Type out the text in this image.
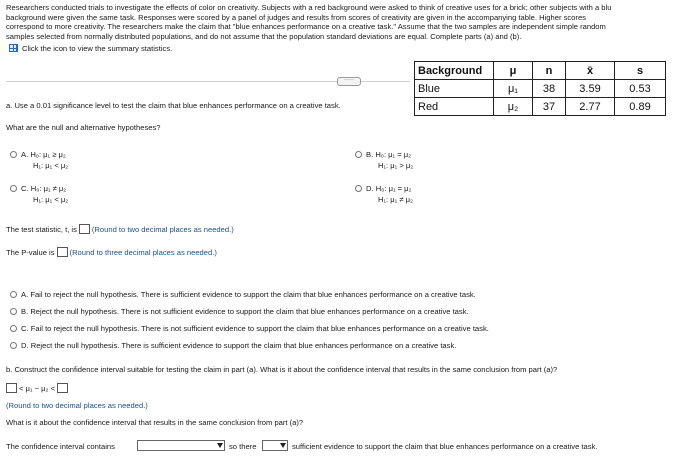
Researchers conducted trials to investigate the effects of color on creativity. Subjects with a red background were asked to think of creative uses for a brick; other subjects with a blu
background were given the same task. Responses were scored by a panel of judges and results from scores of creativity are given in the accompanying table. Higher scores
correspond to more creativity. The researchers make the claim that "blue enhances performance on a creative task." Assume that the two samples are independent simple random
samples selected from normally distributed populations, and do not assume that the population standard deviations are equal. Complete parts (a) and (b).
Click the icon to view the summary statistics.
Background	μ	n	x̄	s
Blue	μ₁	38	3.59	0.53
Red	μ₂	37	2.77	0.89
·····
a. Use a 0.01 significance level to test the claim that blue enhances performance on a creative task.
What are the null and alternative hypotheses?
A. H₀: μ₁ ≥ μ₂
H₁: μ₁ < μ₂
B. H₀: μ₁ = μ₂
H₁: μ₁ > μ₂
C. H₀: μ₁ ≠ μ₂
H₁: μ₁ < μ₂
D. H₀: μ₁ = μ₂
H₁: μ₁ ≠ μ₂
The test statistic, t, is (Round to two decimal places as needed.)
The P-value is (Round to three decimal places as needed.)
A. Fail to reject the null hypothesis. There is sufficient evidence to support the claim that blue enhances performance on a creative task.
B. Reject the null hypothesis. There is not sufficient evidence to support the claim that blue enhances performance on a creative task.
C. Fail to reject the null hypothesis. There is not sufficient evidence to support the claim that blue enhances performance on a creative task.
D. Reject the null hypothesis. There is sufficient evidence to support the claim that blue enhances performance on a creative task.
b. Construct the confidence interval suitable for testing the claim in part (a). What is it about the confidence interval that results in the same conclusion from part (a)?
< μ₁ − μ₂ <
(Round to two decimal places as needed.)
What is it about the confidence interval that results in the same conclusion from part (a)?
The confidence interval contains	so there	sufficient evidence to support the claim that blue enhances performance on a creative task.
